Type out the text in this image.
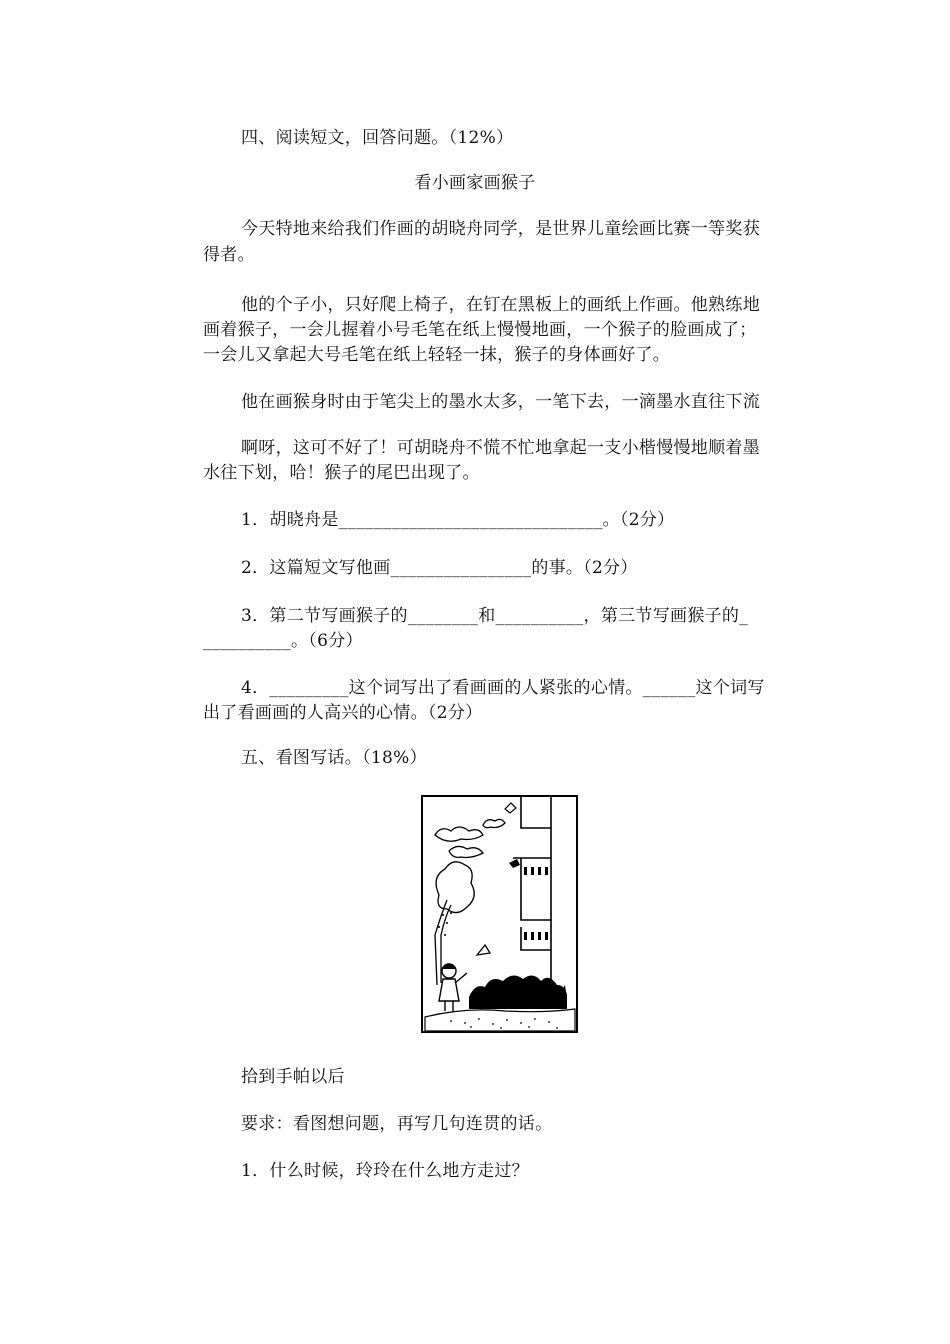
四、阅读短文，回答问题。（12%）
看小画家画猴子
今天特地来给我们作画的胡晓舟同学，是世界儿童绘画比赛一等奖获
得者。
他的个子小，只好爬上椅子，在钉在黑板上的画纸上作画。他熟练地
画着猴子，一会儿握着小号毛笔在纸上慢慢地画，一个猴子的脸画成了；
一会儿又拿起大号毛笔在纸上轻轻一抹，猴子的身体画好了。
他在画猴身时由于笔尖上的墨水太多，一笔下去，一滴墨水直往下流
啊呀，这可不好了！可胡晓舟不慌不忙地拿起一支小楷慢慢地顺着墨
水往下划，哈！猴子的尾巴出现了。
1．胡晓舟是______________________________。（2分）
2．这篇短文写他画________________的事。（2分）
3．第二节写画猴子的________和__________，第三节写画猴子的_
__________。（6分）
4．_________这个词写出了看画画的人紧张的心情。______这个词写
出了看画画的人高兴的心情。（2分）
五、看图写话。（18%）
拾到手帕以后
要求：看图想问题，再写几句连贯的话。
1．什么时候，玲玲在什么地方走过？
